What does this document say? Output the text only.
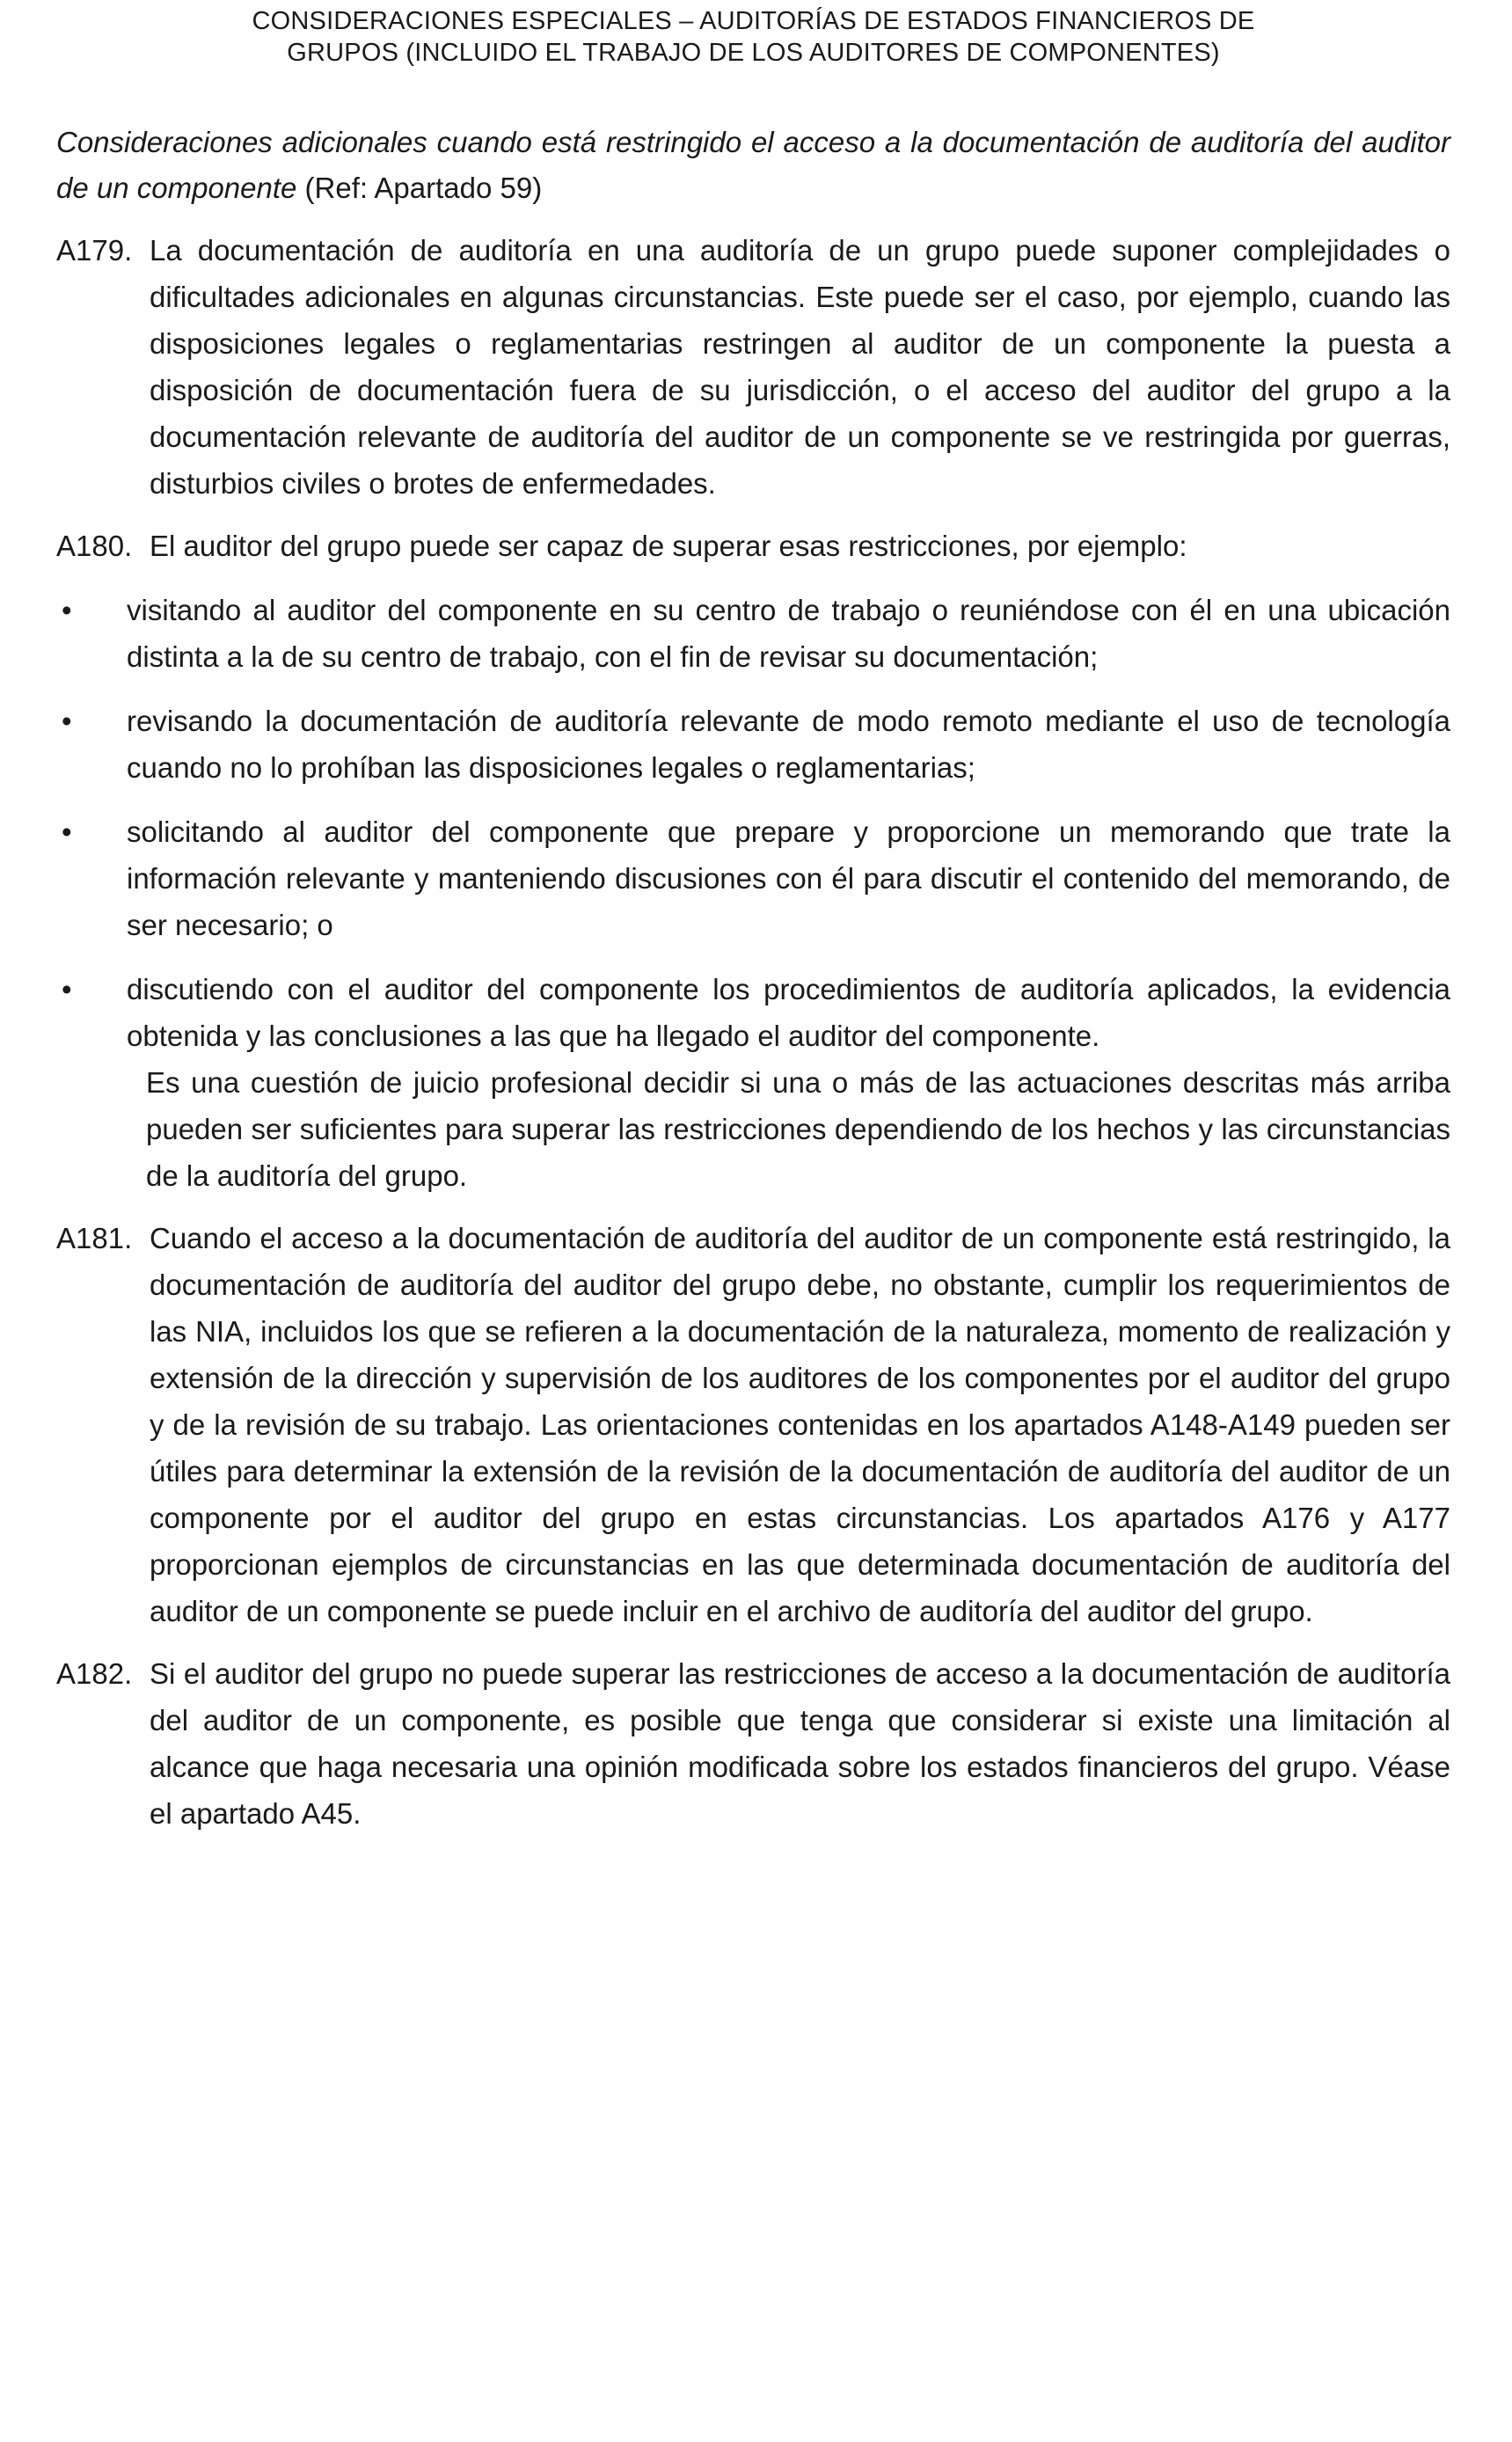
CONSIDERACIONES ESPECIALES – AUDITORÍAS DE ESTADOS FINANCIEROS DE
GRUPOS (INCLUIDO EL TRABAJO DE LOS AUDITORES DE COMPONENTES)
Consideraciones adicionales cuando está restringido el acceso a la documentación de auditoría del auditor de un componente (Ref: Apartado 59)
A179. La documentación de auditoría en una auditoría de un grupo puede suponer complejidades o dificultades adicionales en algunas circunstancias. Este puede ser el caso, por ejemplo, cuando las disposiciones legales o reglamentarias restringen al auditor de un componente la puesta a disposición de documentación fuera de su jurisdicción, o el acceso del auditor del grupo a la documentación relevante de auditoría del auditor de un componente se ve restringida por guerras, disturbios civiles o brotes de enfermedades.
A180. El auditor del grupo puede ser capaz de superar esas restricciones, por ejemplo:
•	visitando al auditor del componente en su centro de trabajo o reuniéndose con él en una ubicación distinta a la de su centro de trabajo, con el fin de revisar su documentación;
•	revisando la documentación de auditoría relevante de modo remoto mediante el uso de tecnología cuando no lo prohíban las disposiciones legales o reglamentarias;
•	solicitando al auditor del componente que prepare y proporcione un memorando que trate la información relevante y manteniendo discusiones con él para discutir el contenido del memorando, de ser necesario; o
•	discutiendo con el auditor del componente los procedimientos de auditoría aplicados, la evidencia obtenida y las conclusiones a las que ha llegado el auditor del componente.
Es una cuestión de juicio profesional decidir si una o más de las actuaciones descritas más arriba pueden ser suficientes para superar las restricciones dependiendo de los hechos y las circunstancias de la auditoría del grupo.
A181. Cuando el acceso a la documentación de auditoría del auditor de un componente está restringido, la documentación de auditoría del auditor del grupo debe, no obstante, cumplir los requerimientos de las NIA, incluidos los que se refieren a la documentación de la naturaleza, momento de realización y extensión de la dirección y supervisión de los auditores de los componentes por el auditor del grupo y de la revisión de su trabajo. Las orientaciones contenidas en los apartados A148-A149 pueden ser útiles para determinar la extensión de la revisión de la documentación de auditoría del auditor de un componente por el auditor del grupo en estas circunstancias. Los apartados A176 y A177 proporcionan ejemplos de circunstancias en las que determinada documentación de auditoría del auditor de un componente se puede incluir en el archivo de auditoría del auditor del grupo.
A182. Si el auditor del grupo no puede superar las restricciones de acceso a la documentación de auditoría del auditor de un componente, es posible que tenga que considerar si existe una limitación al alcance que haga necesaria una opinión modificada sobre los estados financieros del grupo. Véase el apartado A45.
